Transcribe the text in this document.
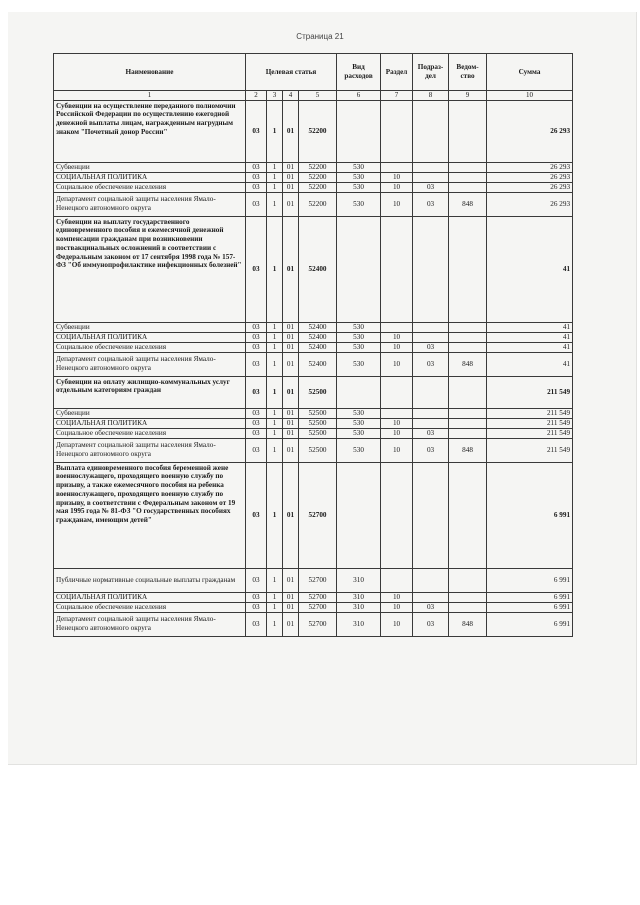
Страница 21
Наименование	Целевая статья				Вид расходов	Раздел	Подраз-дел	Ведом-ство	Сумма
1	2	3	4	5	6	7	8	9	10
Субвенции на осуществление переданного полномочии Российской Федерации по осуществлению ежегодной денежной выплаты лицам, награжденным нагрудным знаком "Почетный донор России"	03	1	01	52200					26 293
Субвенции	03	1	01	52200	530				26 293
СОЦИАЛЬНАЯ ПОЛИТИКА	03	1	01	52200	530	10			26 293
Социальное обеспечение населения	03	1	01	52200	530	10	03		26 293
Департамент социальной защиты населения Ямало-Ненецкого автономного округа	03	1	01	52200	530	10	03	848	26 293
Субвенции на выплату государственного единовременного пособия и ежемесячной денежной компенсации гражданам при возникновении поствакцинальных осложнений в соответствии с Федеральным законом от 17 сентября 1998 года № 157-ФЗ "Об иммунопрофилактике инфекционных болезней"	03	1	01	52400					41
Субвенции	03	1	01	52400	530				41
СОЦИАЛЬНАЯ ПОЛИТИКА	03	1	01	52400	530	10			41
Социальное обеспечение населения	03	1	01	52400	530	10	03		41
Департамент социальной защиты населения Ямало-Ненецкого автономного округа	03	1	01	52400	530	10	03	848	41
Субвенции на оплату жилищно-коммунальных услуг отдельным категориям граждан	03	1	01	52500					211 549
Субвенции	03	1	01	52500	530				211 549
СОЦИАЛЬНАЯ ПОЛИТИКА	03	1	01	52500	530	10			211 549
Социальное обеспечение населения	03	1	01	52500	530	10	03		211 549
Департамент социальной защиты населения Ямало-Ненецкого автономного округа	03	1	01	52500	530	10	03	848	211 549
Выплата единовременного пособия беременной жене военнослужащего, проходящего военную службу по призыву, а также ежемесячного пособия на ребенка военнослужащего, проходящего военную службу по призыву, в соответствии с Федеральным законом от 19 мая 1995 года № 81-ФЗ "О государственных пособиях гражданам, имеющим детей"	03	1	01	52700					6 991
Публичные нормативные социальные выплаты гражданам	03	1	01	52700	310				6 991
СОЦИАЛЬНАЯ ПОЛИТИКА	03	1	01	52700	310	10			6 991
Социальное обеспечение населения	03	1	01	52700	310	10	03		6 991
Департамент социальной защиты населения Ямало-Ненецкого автономного округа	03	1	01	52700	310	10	03	848	6 991
